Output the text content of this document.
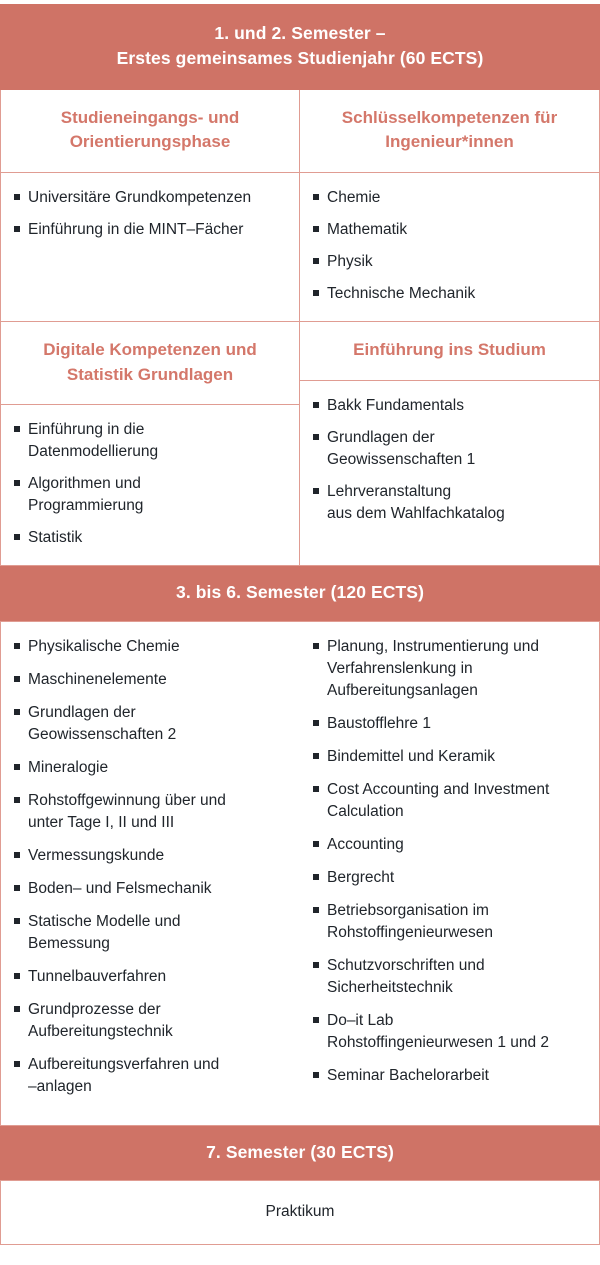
1. und 2. Semester –
Erstes gemeinsames Studienjahr (60 ECTS)
Studieneingangs- und
Orientierungsphase
Universitäre Grundkompetenzen
Einführung in die MINT–Fächer
Schlüsselkompetenzen für
Ingenieur*innen
Chemie
Mathematik
Physik
Technische Mechanik
Digitale Kompetenzen und
Statistik Grundlagen
Einführung in die
Datenmodellierung
Algorithmen und
Programmierung
Statistik
Einführung ins Studium
Bakk Fundamentals
Grundlagen der
Geowissenschaften 1
Lehrveranstaltung
aus dem Wahlfachkatalog
3. bis 6. Semester (120 ECTS)
Physikalische Chemie
Maschinenelemente
Grundlagen der
Geowissenschaften 2
Mineralogie
Rohstoffgewinnung über und
unter Tage I, II und III
Vermessungskunde
Boden– und Felsmechanik
Statische Modelle und
Bemessung
Tunnelbauverfahren
Grundprozesse der
Aufbereitungstechnik
Aufbereitungsverfahren und
–anlagen
Planung, Instrumentierung und
Verfahrenslenkung in
Aufbereitungsanlagen
Baustofflehre 1
Bindemittel und Keramik
Cost Accounting and Investment
Calculation
Accounting
Bergrecht
Betriebsorganisation im
Rohstoffingenieurwesen
Schutzvorschriften und
Sicherheitstechnik
Do–it Lab
Rohstoffingenieurwesen 1 und 2
Seminar Bachelorarbeit
7. Semester (30 ECTS)
Praktikum
